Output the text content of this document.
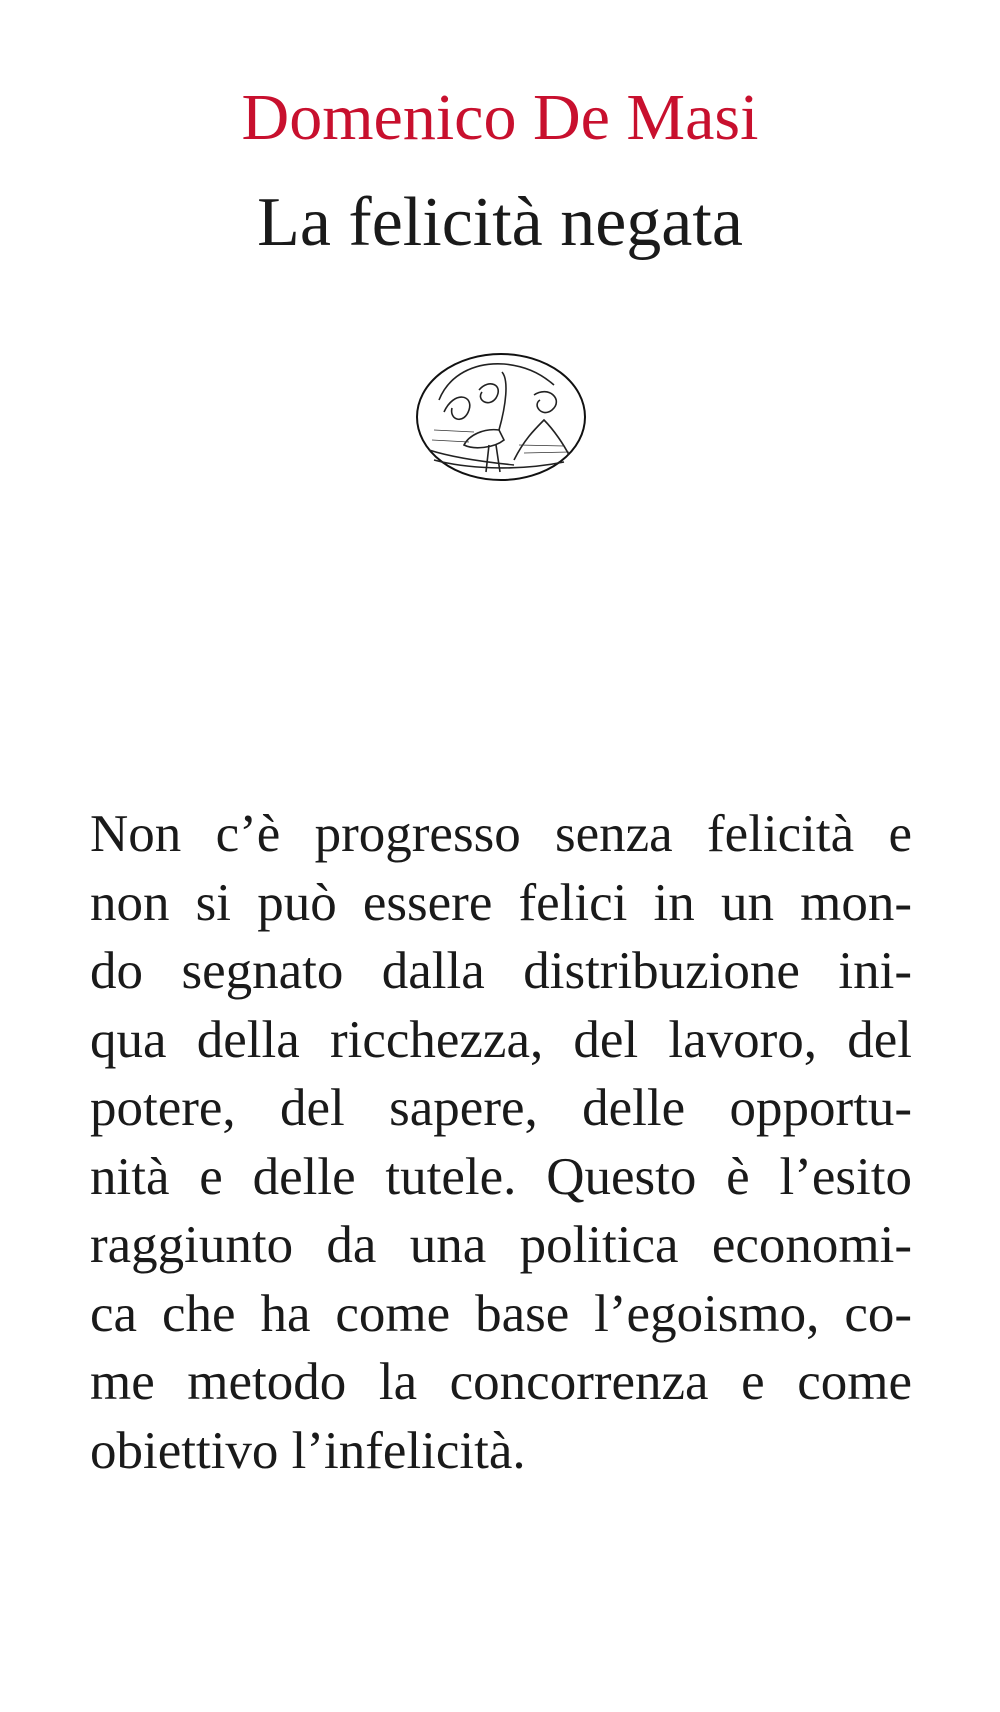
Domenico De Masi
La felicità negata
Non c’è progresso senza felicità e
non si può essere felici in un mon-
do segnato dalla distribuzione ini-
qua della ricchezza, del lavoro, del
potere, del sapere, delle opportu-
nità e delle tutele. Questo è l’esito
raggiunto da una politica economi-
ca che ha come base l’egoismo, co-
me metodo la concorrenza e come
obiettivo l’infelicità.
